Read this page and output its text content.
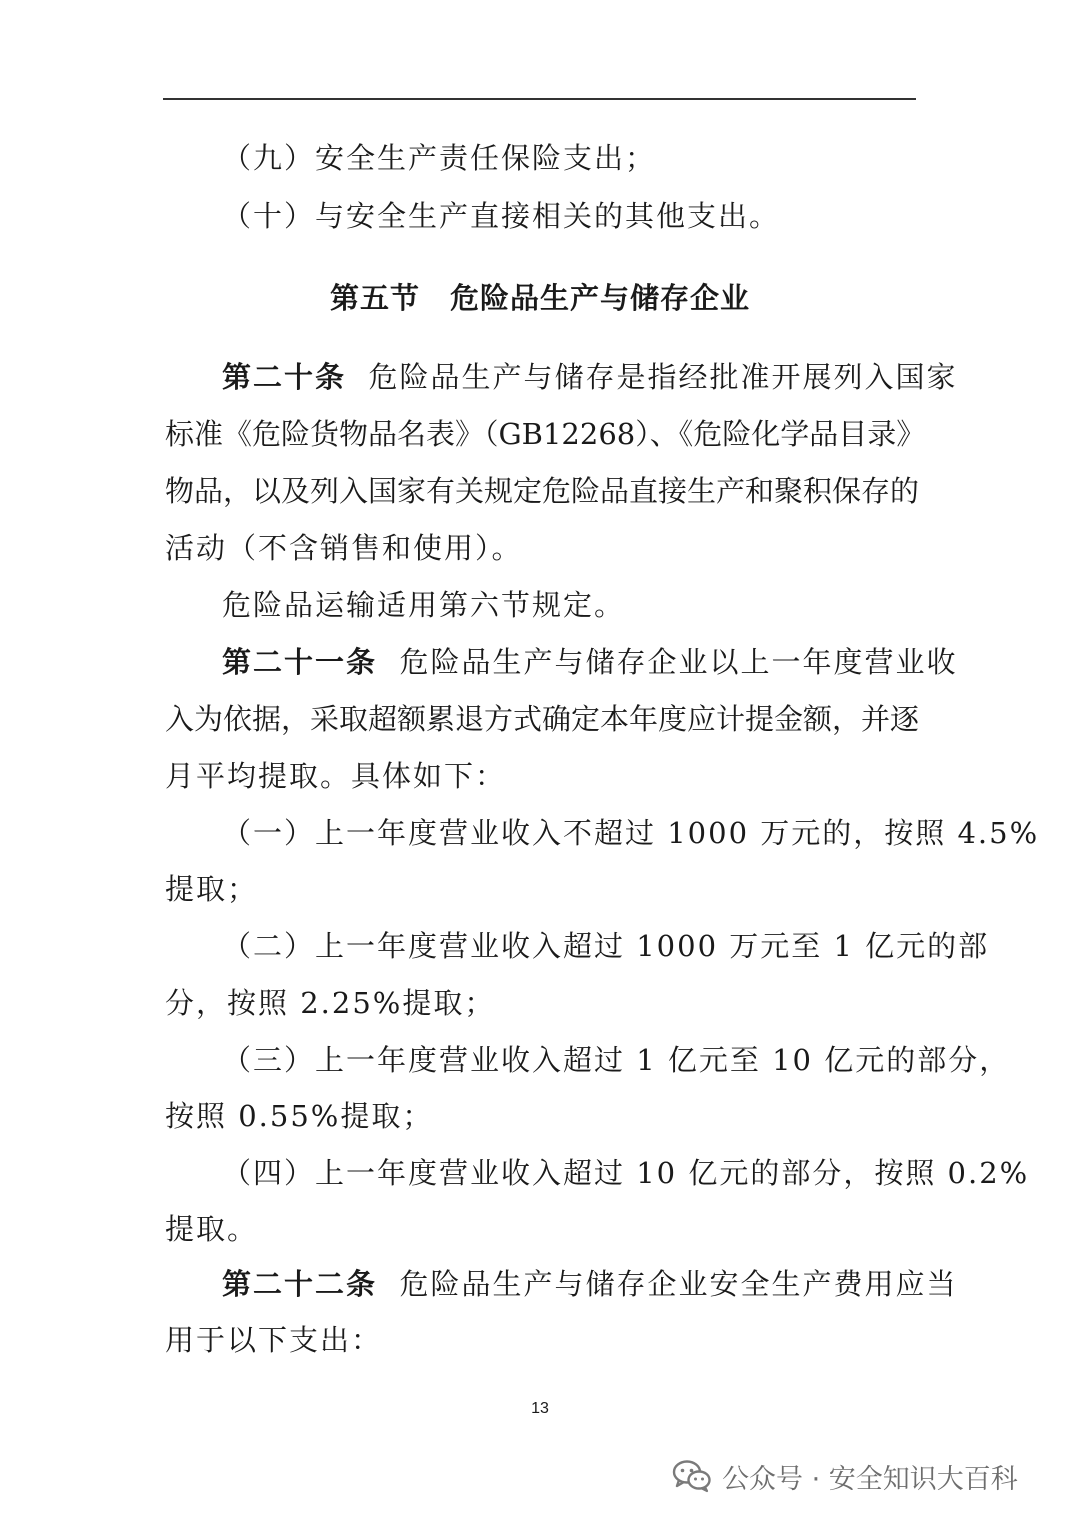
（九）安全生产责任保险支出；
（十）与安全生产直接相关的其他支出。
第五节 危险品生产与储存企业
第二十条 危险品生产与储存是指经批准开展列入国家
标准《危险货物品名表》（GB12268）、《危险化学品目录》
物品，以及列入国家有关规定危险品直接生产和聚积保存的
活动（不含销售和使用）。
危险品运输适用第六节规定。
第二十一条 危险品生产与储存企业以上一年度营业收
入为依据，采取超额累退方式确定本年度应计提金额，并逐
月平均提取。具体如下：
（一）上一年度营业收入不超过 1000 万元的，按照 4.5%
提取；
（二）上一年度营业收入超过 1000 万元至 1 亿元的部
分，按照 2.25%提取；
（三）上一年度营业收入超过 1 亿元至 10 亿元的部分，
按照 0.55%提取；
（四）上一年度营业收入超过 10 亿元的部分，按照 0.2%
提取。
第二十二条 危险品生产与储存企业安全生产费用应当
用于以下支出：
13
公众号 · 安全知识大百科
